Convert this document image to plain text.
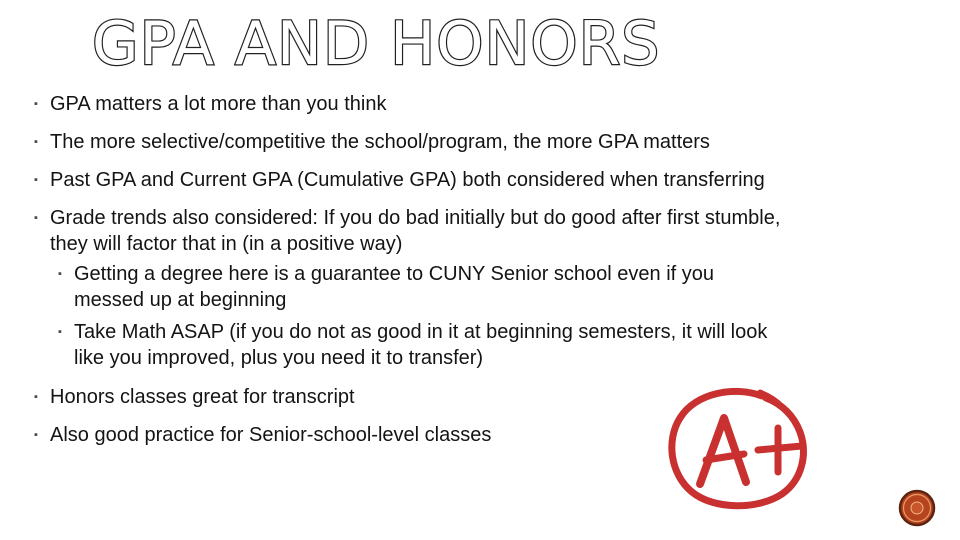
GPA AND HONORS
▪ GPA matters a lot more than you think
▪ The more selective/competitive the school/program, the more GPA matters
▪ Past GPA and Current GPA (Cumulative GPA) both considered when transferring
▪ Grade trends also considered: If you do bad initially but do good after first stumble,
they will factor that in (in a positive way)
▪ Getting a degree here is a guarantee to CUNY Senior school even if you
messed up at beginning
▪ Take Math ASAP (if you do not as good in it at beginning semesters, it will look
like you improved, plus you need it to transfer)
▪ Honors classes great for transcript
▪ Also good practice for Senior-school-level classes
